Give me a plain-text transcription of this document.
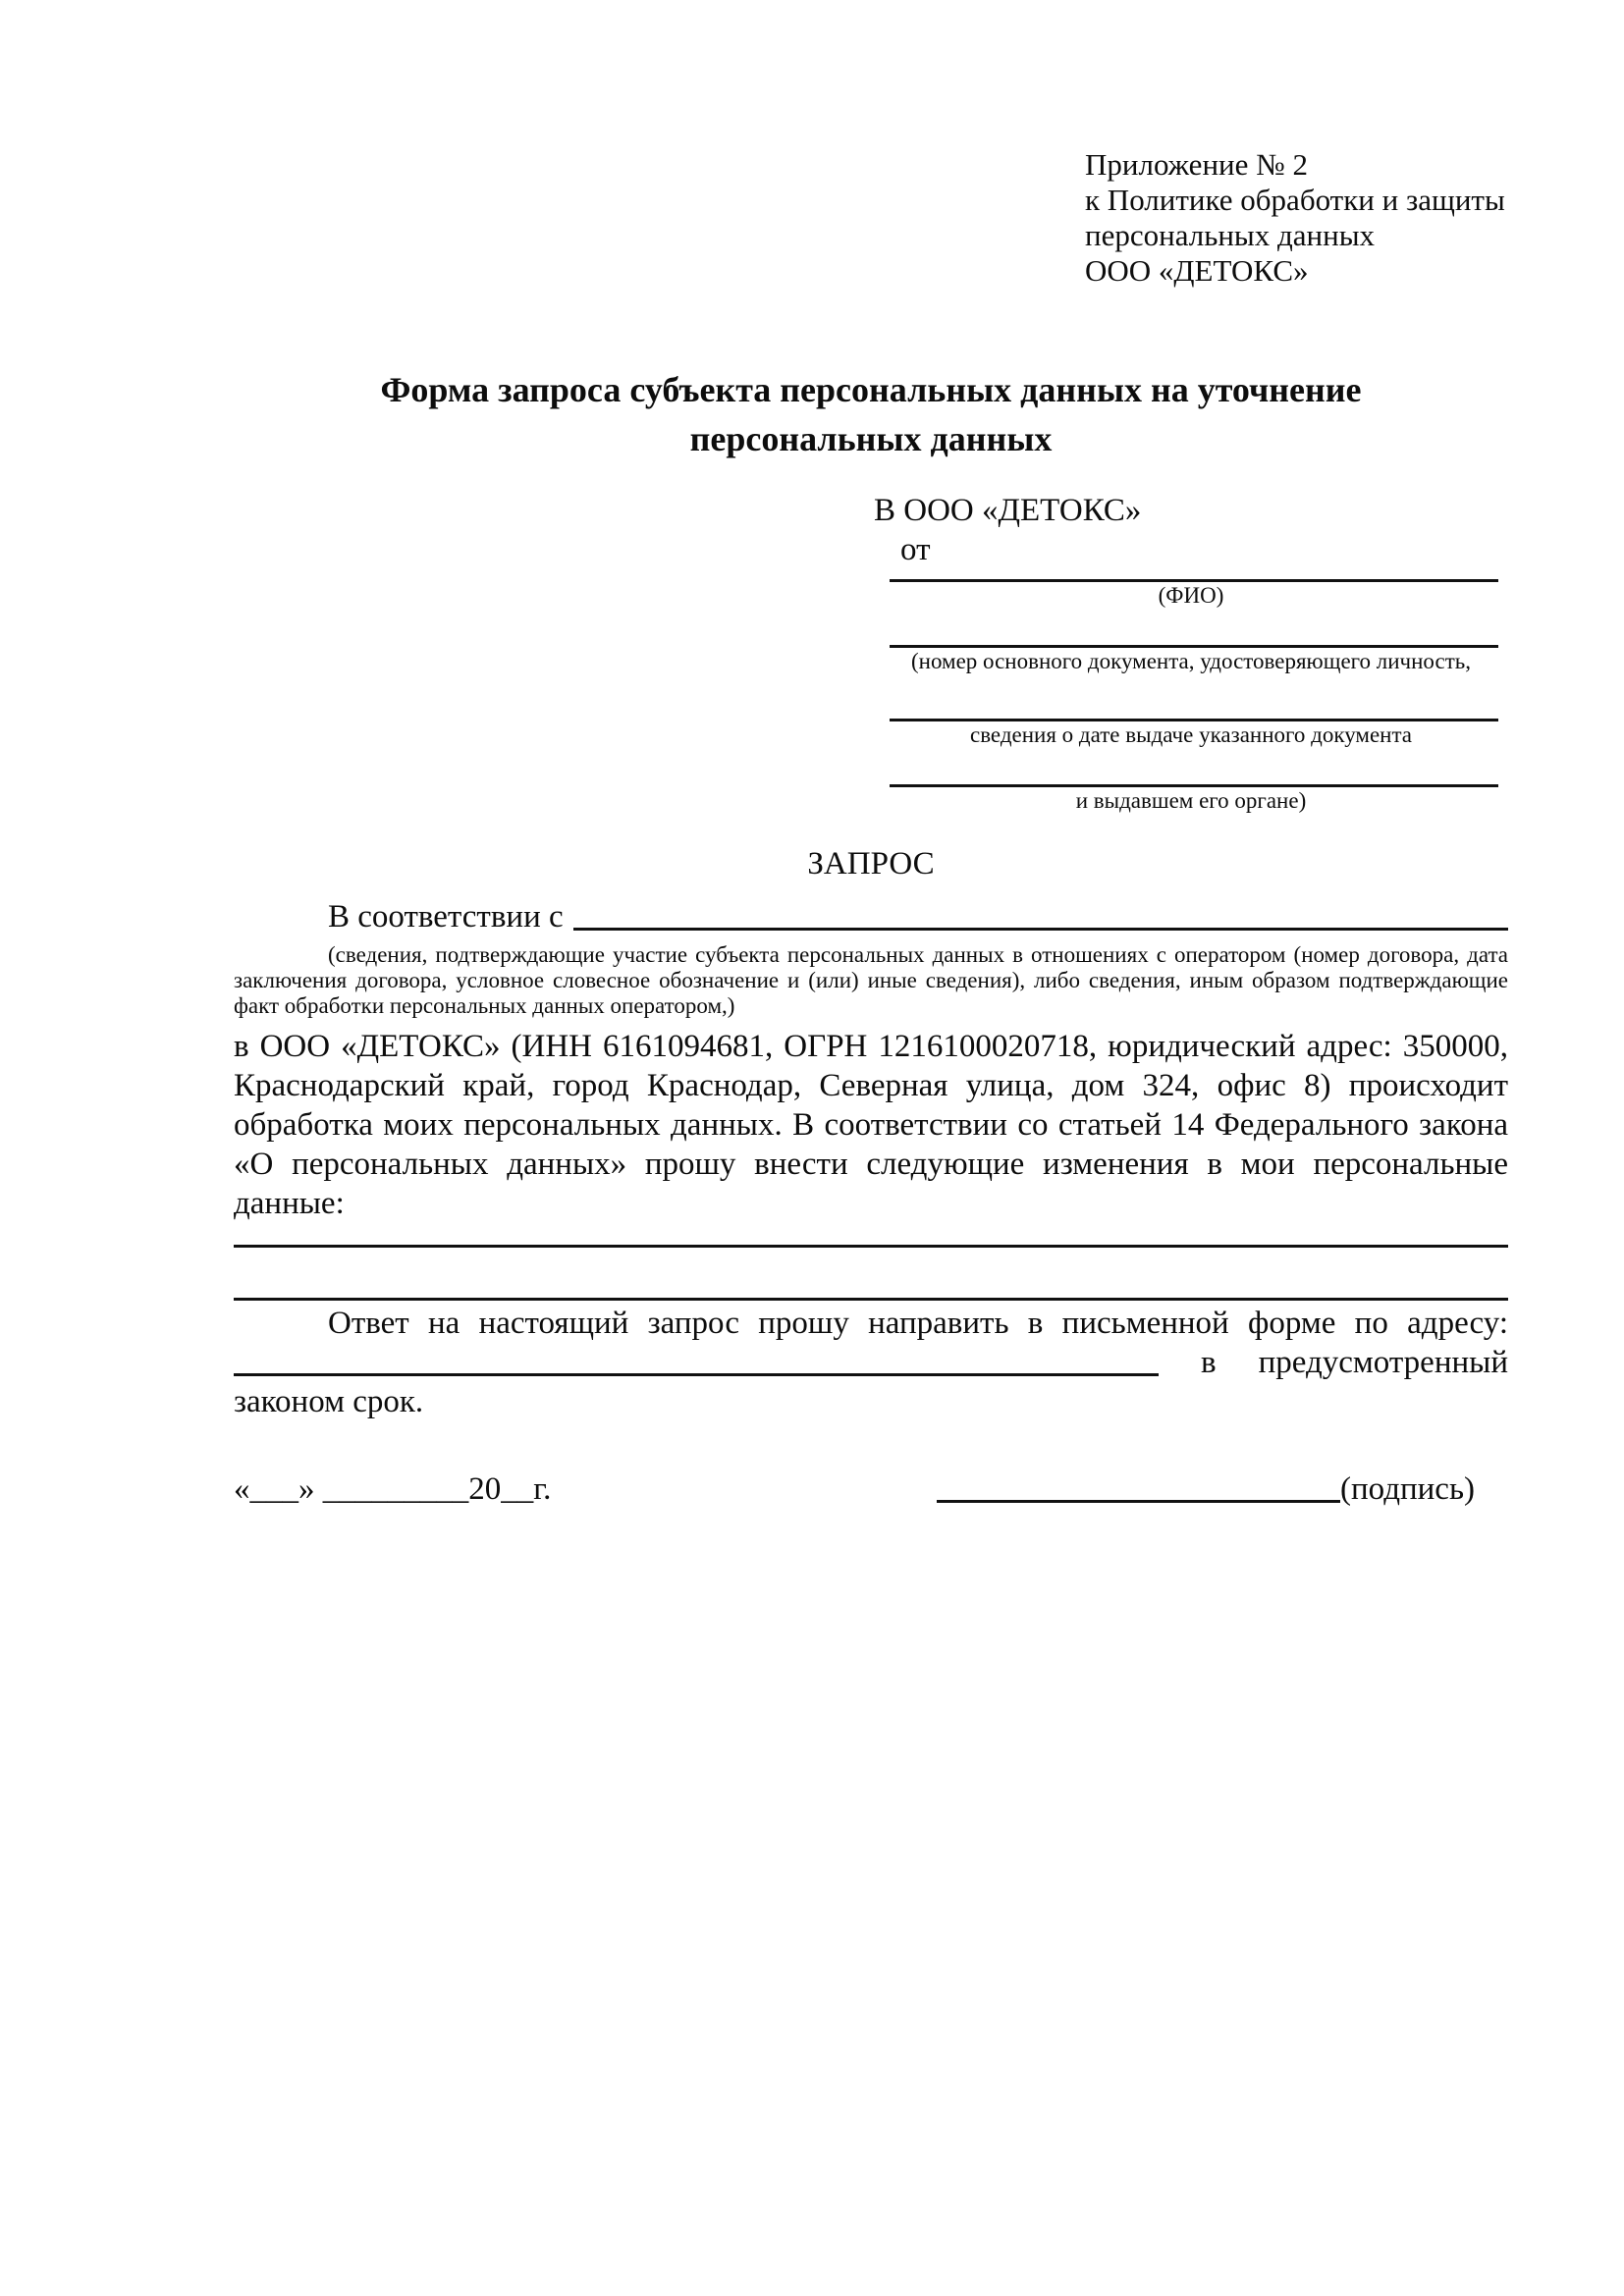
Приложение № 2
к Политике обработки и защиты
персональных данных
ООО «ДЕТОКС»
Форма запроса субъекта персональных данных на уточнение персональных данных
В ООО «ДЕТОКС»
от
(ФИО)
(номер основного документа, удостоверяющего личность,
сведения о дате выдаче указанного документа
и выдавшем его органе)
ЗАПРОС
В соответствии с
(сведения, подтверждающие участие субъекта персональных данных в отношениях с оператором (номер договора, дата заключения договора, условное словесное обозначение и (или) иные сведения), либо сведения, иным образом подтверждающие факт обработки персональных данных оператором,)
в ООО «ДЕТОКС» (ИНН 6161094681, ОГРН 1216100020718, юридический адрес: 350000, Краснодарский край, город Краснодар, Северная улица, дом 324, офис 8) происходит обработка моих персональных данных. В соответствии со статьей 14 Федерального закона «О персональных данных» прошу внести следующие изменения в мои персональные данные:
Ответ на настоящий запрос прошу направить в письменной форме по адресу:
в предусмотренный
законом срок.
«___» _________20__г.	(подпись)
